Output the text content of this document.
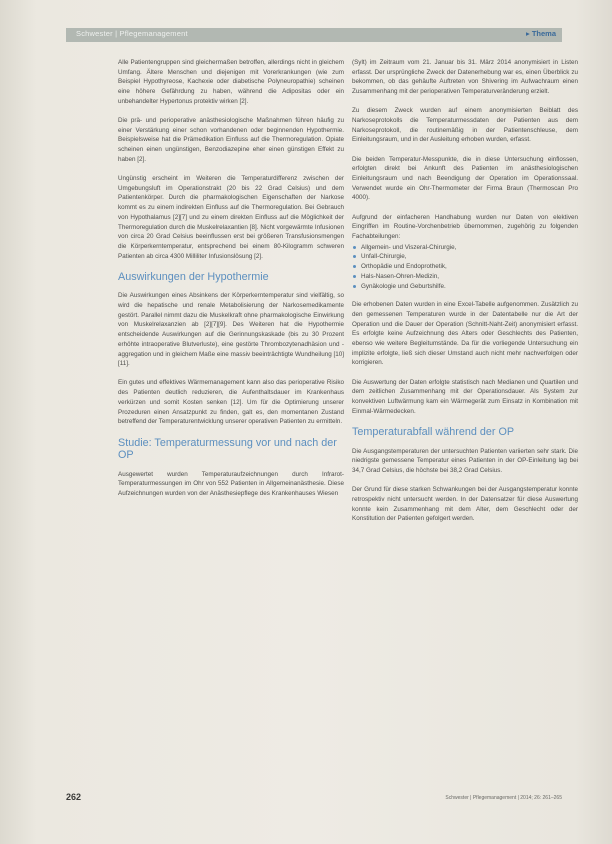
Schwester | Pflegemanagement	▸ Thema

Alle Patientengruppen sind gleichermaßen betroffen, allerdings nicht in gleichem Umfang. Ältere Menschen und diejenigen mit Vorerkrankungen (wie zum Beispiel Hypothyreose, Kachexie oder diabetische Polyneuropathie) scheinen eine höhere Gefährdung zu haben, während die Adipositas oder ein unbehandelter Hypertonus protektiv wirken [2].

Die prä- und perioperative anästhesiologische Maßnahmen führen häufig zu einer Verstärkung einer schon vorhandenen oder beginnenden Hypothermie. Beispielsweise hat die Prämedikation Einfluss auf die Thermoregulation. Opiate scheinen einen ungünstigen, Benzodiazepine eher einen günstigen Effekt zu haben [2].

Ungünstig erscheint im Weiteren die Temperaturdifferenz zwischen der Umgebungsluft im Operationstrakt (20 bis 22 Grad Celsius) und dem Patientenkörper. Durch die pharmakologischen Eigenschaften der Narkose kommt es zu einem indirekten Einfluss auf die Thermoregulation. Bei Gebrauch von Hypothalamus [2][7] und zu einem direkten Einfluss auf die Möglichkeit der Thermoregulation durch die Muskelrelaxantien [8]. Nicht vorgewärmte Infusionen von circa 20 Grad Celsius beeinflussen erst bei größeren Transfusionsmengen die Körperkerntemperatur, entsprechend bei einem 80-Kilogramm schweren Patienten ab circa 4300 Milliliter Infusionslösung [2].

Auswirkungen der Hypothermie

Die Auswirkungen eines Absinkens der Körperkerntemperatur sind vielfältig, so wird die hepatische und renale Metabolisierung der Narkosemedikamente gestört. Parallel nimmt dazu die Muskelkraft ohne pharmakologische Einwirkung von Muskelrelaxanzien ab [2][7][9]. Des Weiteren hat die Hypothermie entscheidende Auswirkungen auf die Gerinnungskaskade (bis zu 30 Prozent erhöhte intraoperative Blutverluste), eine gestörte Thrombozytenadhäsion und -aggregation und in gleichem Maße eine massiv beeinträchtigte Wundheilung [10][11].

Ein gutes und effektives Wärmemanagement kann also das perioperative Risiko des Patienten deutlich reduzieren, die Aufenthaltsdauer im Krankenhaus verkürzen und somit Kosten senken [12]. Um für die Optimierung unserer Prozeduren einen Ansatzpunkt zu finden, galt es, den momentanen Zustand betreffend der Temperaturentwicklung unserer operativen Patienten zu ermitteln.

Studie: Temperaturmessung vor und nach der OP

Ausgewertet wurden Temperaturaufzeichnungen durch Infrarot-Temperaturmessungen im Ohr von 552 Patienten in Allgemeinanästhesie. Diese Aufzeichnungen wurden von der Anästhesiepflege des Krankenhauses Wiesen

(Sylt) im Zeitraum vom 21. Januar bis 31. März 2014 anonymisiert in Listen erfasst. Der ursprüngliche Zweck der Datenerhebung war es, einen Überblick zu bekommen, ob das gehäufte Auftreten von Shivering im Aufwachraum einen Zusammenhang mit der perioperativen Temperaturveränderung erzielt.

Zu diesem Zweck wurden auf einem anonymisierten Beiblatt des Narkoseprotokolls die Temperaturmessdaten der Patienten aus dem Narkoseprotokoll, die routinemäßig in der Patientenschleuse, dem Einleitungsraum, und in der Ausleitung erhoben wurden, erfasst.

Die beiden Temperatur-Messpunkte, die in diese Untersuchung einflossen, erfolgten direkt bei Ankunft des Patienten im anästhesiologischen Einleitungsraum und nach Beendigung der Operation im Operationssaal. Verwendet wurde ein Ohr-Thermometer der Firma Braun (Thermoscan Pro 4000).

Aufgrund der einfacheren Handhabung wurden nur Daten von elektiven Eingriffen im Routine-Vorchenbetrieb übernommen, zugehörig zu folgenden Fachabteilungen:

Allgemein- und Viszeral-Chirurgie,
Unfall-Chirurgie,
Orthopädie und Endoprothetik,
Hals-Nasen-Ohren-Medizin,
Gynäkologie und Geburtshilfe.

Die erhobenen Daten wurden in eine Excel-Tabelle aufgenommen. Zusätzlich zu den gemessenen Temperaturen wurde in der Datentabelle nur die Art der Operation und die Dauer der Operation (Schnitt-Naht-Zeit) anonymisiert erfasst. Es erfolgte keine Aufzeichnung des Alters oder Geschlechts des Patienten, ebenso wie weitere Begleitumstände. Da für die vorliegende Untersuchung ein implizite erfolgte, ließ sich dieser Umstand auch nicht mehr nachverfolgen oder korrigieren.

Die Auswertung der Daten erfolgte statistisch nach Medianen und Quartilen und dem zeitlichen Zusammenhang mit der Operationsdauer. Als System zur konvektiven Luftwärmung kam ein Wärmegerät zum Einsatz in Kombination mit Einmal-Wärmedecken.

Temperaturabfall während der OP

Die Ausgangstemperaturen der untersuchten Patienten variierten sehr stark. Die niedrigste gemessene Temperatur eines Patienten in der OP-Einleitung lag bei 34,7 Grad Celsius, die höchste bei 38,2 Grad Celsius.

Der Grund für diese starken Schwankungen bei der Ausgangstemperatur konnte retrospektiv nicht untersucht werden. In der Datensatzer für diese Auswertung konnte kein Zusammenhang mit dem Alter, dem Geschlecht oder der Konstitution der Patienten gefolgert werden.

262	Schwester | Pflegemanagement | 2014; 26: 261–265
